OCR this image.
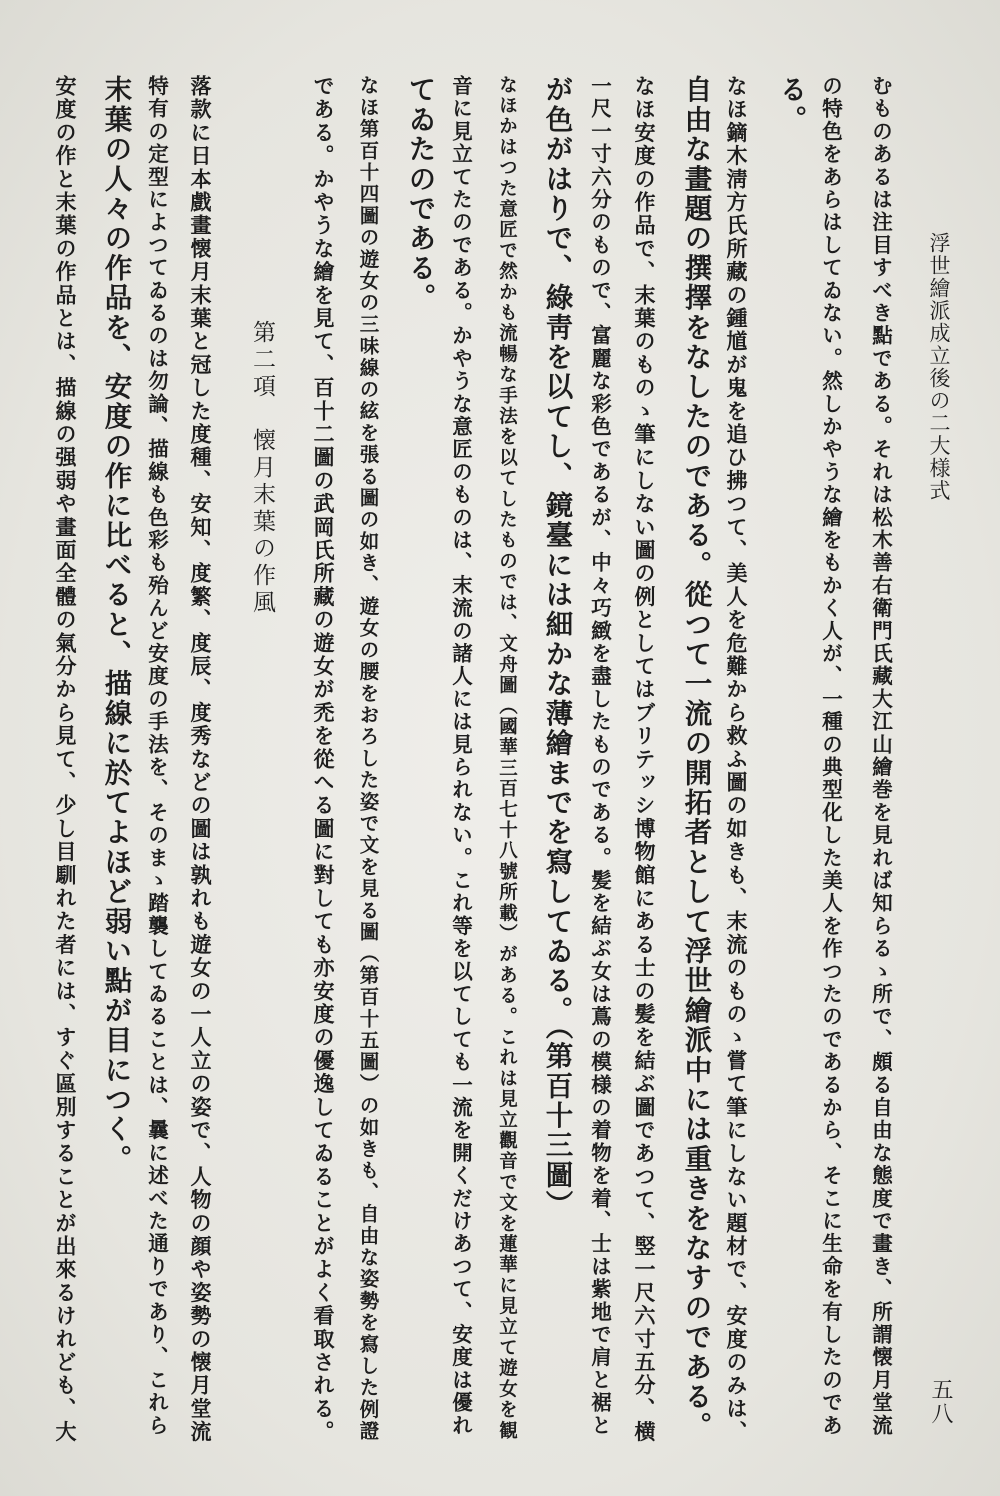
浮世繪派成立後の二大様式
五八
むものあるは注目すべき點である。それは松木善右衛門氏藏大江山繪巻を見れば知らるゝ所で、頗る自由な態度で畫き、所謂懐月堂流
の特色をあらはしてゐない。然しかやうな繪をもかく人が、一種の典型化した美人を作つたのであるから、そこに生命を有したのであ
る。
なほ鏑木淸方氏所藏の鍾馗が鬼を追ひ拂つて、美人を危難から救ふ圖の如きも、末流のものゝ嘗て筆にしない題材で、安度のみは、
自由な畫題の撰擇をなしたのである。從つて一流の開拓者として浮世繪派中には重きをなすのである。
なほ安度の作品で、末葉のものゝ筆にしない圖の例としてはブリテッシ博物館にある士の髪を結ぶ圖であつて、竪一尺六寸五分、横
一尺一寸六分のもので、富麗な彩色であるが、中々巧緻を盡したものである。髪を結ぶ女は蔦の模様の着物を着、士は紫地で肩と裾と
が色がはりで、綠靑を以てし、鏡臺には細かな薄繪までを寫してゐる。（第百十三圖）
なほかはつた意匠で然かも流暢な手法を以てしたものでは、文舟圖（國華三百七十八號所載）がある。これは見立觀音で文を蓮華に見立て遊女を観
音に見立てたのである。かやうな意匠のものは、末流の諸人には見られない。これ等を以てしても一流を開くだけあつて、安度は優れ
てゐたのである。
なほ第百十四圖の遊女の三味線の絃を張る圖の如き、遊女の腰をおろした姿で文を見る圖（第百十五圖）の如きも、自由な姿勢を寫した例證
である。かやうな繪を見て、百十二圖の武岡氏所藏の遊女が禿を從へる圖に對しても亦安度の優逸してゐることがよく看取される。
第二項　懐月末葉の作風
落款に日本戲畫懐月末葉と冠した度種、安知、度繁、度辰、度秀などの圖は孰れも遊女の一人立の姿で、人物の顔や姿勢の懐月堂流
特有の定型によつてゐるのは勿論、描線も色彩も殆んど安度の手法を、そのまゝ踏襲してゐることは、曩に述べた通りであり、これら
末葉の人々の作品を、安度の作に比べると、描線に於てよほど弱い點が目につく。
安度の作と末葉の作品とは、描線の强弱や畫面全體の氣分から見て、少し目馴れた者には、すぐ區別することが出來るけれども、大
